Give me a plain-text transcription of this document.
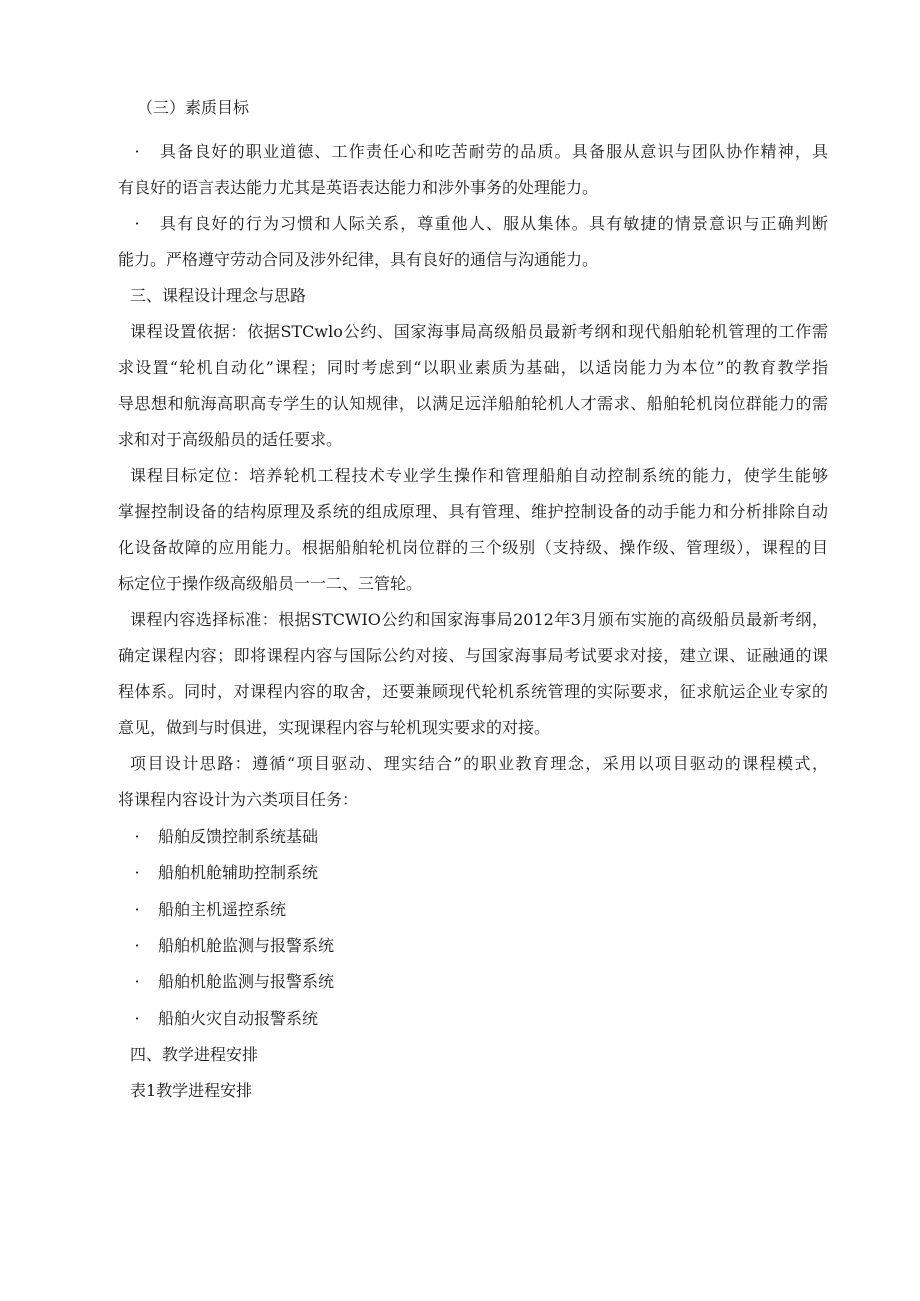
（三）素质目标
· 具备良好的职业道德、工作责任心和吃苦耐劳的品质。具备服从意识与团队协作精神，具
有良好的语言表达能力尤其是英语表达能力和涉外事务的处理能力。
· 具有良好的行为习惯和人际关系，尊重他人、服从集体。具有敏捷的情景意识与正确判断
能力。严格遵守劳动合同及涉外纪律，具有良好的通信与沟通能力。
三、课程设计理念与思路
课程设置依据：依据STCwlo公约、国家海事局高级船员最新考纲和现代船舶轮机管理的工作需
求设置“轮机自动化”课程；同时考虑到“以职业素质为基础，以适岗能力为本位”的教育教学指
导思想和航海高职高专学生的认知规律，以满足远洋船舶轮机人才需求、船舶轮机岗位群能力的需
求和对于高级船员的适任要求。
课程目标定位：培养轮机工程技术专业学生操作和管理船舶自动控制系统的能力，使学生能够
掌握控制设备的结构原理及系统的组成原理、具有管理、维护控制设备的动手能力和分析排除自动
化设备故障的应用能力。根据船舶轮机岗位群的三个级别（支持级、操作级、管理级），课程的目
标定位于操作级高级船员一一二、三管轮。
课程内容选择标准：根据STCWIO公约和国家海事局2012年3月颁布实施的高级船员最新考纲，
确定课程内容；即将课程内容与国际公约对接、与国家海事局考试要求对接，建立课、证融通的课
程体系。同时，对课程内容的取舍，还要兼顾现代轮机系统管理的实际要求，征求航运企业专家的
意见，做到与时俱进，实现课程内容与轮机现实要求的对接。
项目设计思路：遵循“项目驱动、理实结合”的职业教育理念，采用以项目驱动的课程模式，
将课程内容设计为六类项目任务：
· 船舶反馈控制系统基础
· 船舶机舱辅助控制系统
· 船舶主机遥控系统
· 船舶机舱监测与报警系统
· 船舶机舱监测与报警系统
· 船舶火灾自动报警系统
四、教学进程安排
表1教学进程安排
